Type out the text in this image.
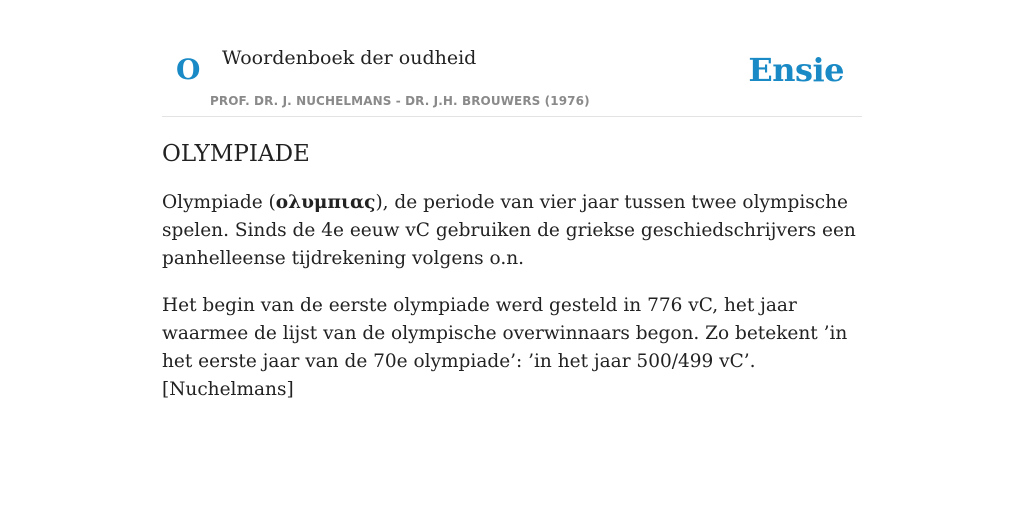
O Woordenboek der oudheid
PROF. DR. J. NUCHELMANS - DR. J.H. BROUWERS (1976)
Ensie
OLYMPIADE

Olympiade (ολυμπιας), de periode van vier jaar tussen twee olympische spelen. Sinds de 4e eeuw vC gebruiken de griekse geschiedschrijvers een panhelleense tijdrekening volgens o.n.

Het begin van de eerste olympiade werd gesteld in 776 vC, het jaar waarmee de lijst van de olympische overwinnaars begon. Zo betekent ’in het eerste jaar van de 70e olympiade’: ’in het jaar 500/499 vC’. [Nuchelmans]
